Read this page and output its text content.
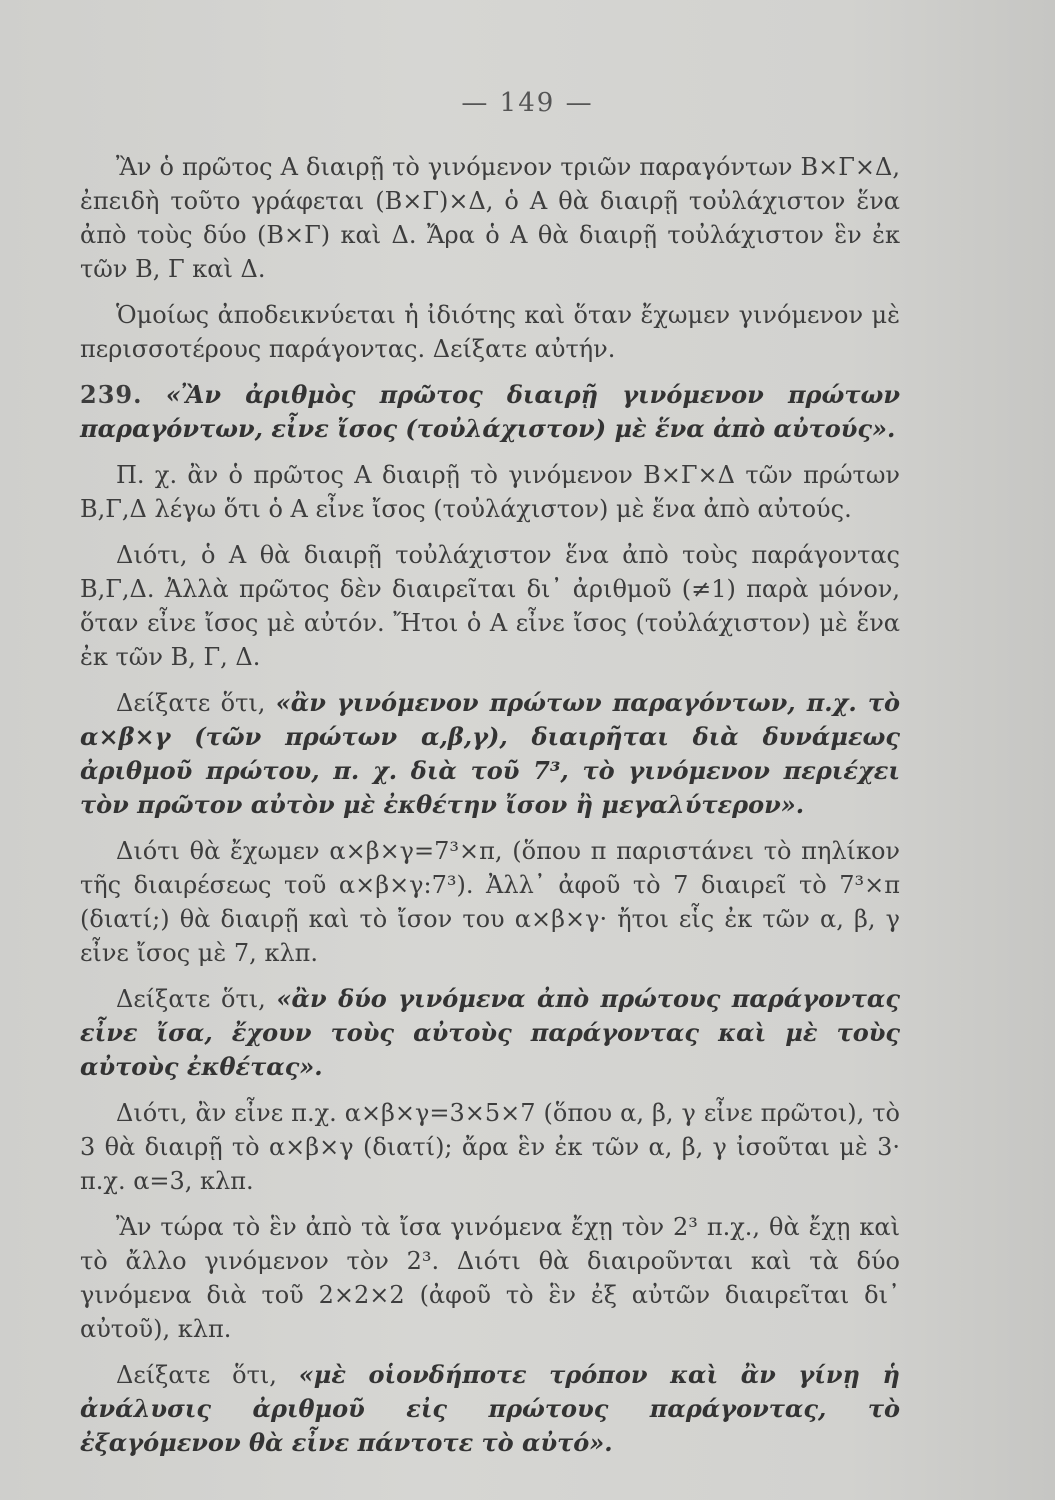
— 149 —

Ἂν ὁ πρῶτος Α διαιρῇ τὸ γινόμενον τριῶν παραγόντων Β×Γ×Δ, ἐπειδὴ τοῦτο γράφεται (Β×Γ)×Δ, ὁ Α θὰ διαιρῇ τοὐλάχιστον ἕνα ἀπὸ τοὺς δύο (Β×Γ) καὶ Δ. Ἄρα ὁ Α θὰ διαιρῇ τοὐλάχιστον ἓν ἐκ τῶν Β, Γ καὶ Δ.

Ὁμοίως ἀποδεικνύεται ἡ ἰδιότης καὶ ὅταν ἔχωμεν γινόμενον μὲ περισσοτέρους παράγοντας. Δείξατε αὐτήν.

239. «Ἂν ἀριθμὸς πρῶτος διαιρῇ γινόμενον πρώτων παραγόντων, εἶνε ἴσος (τοὐλάχιστον) μὲ ἕνα ἀπὸ αὐτούς».

Π. χ. ἂν ὁ πρῶτος Α διαιρῇ τὸ γινόμενον Β×Γ×Δ τῶν πρώτων Β,Γ,Δ λέγω ὅτι ὁ Α εἶνε ἴσος (τοὐλάχιστον) μὲ ἕνα ἀπὸ αὐτούς.

Διότι, ὁ Α θὰ διαιρῇ τοὐλάχιστον ἕνα ἀπὸ τοὺς παράγοντας Β,Γ,Δ. Ἀλλὰ πρῶτος δὲν διαιρεῖται δι᾿ ἀριθμοῦ (≠1) παρὰ μόνον, ὅταν εἶνε ἴσος μὲ αὐτόν. Ἤτοι ὁ Α εἶνε ἴσος (τοὐλάχιστον) μὲ ἕνα ἐκ τῶν Β, Γ, Δ.

Δείξατε ὅτι, «ἂν γινόμενον πρώτων παραγόντων, π.χ. τὸ α×β×γ (τῶν πρώτων α,β,γ), διαιρῆται διὰ δυνάμεως ἀριθμοῦ πρώτου, π. χ. διὰ τοῦ 7³, τὸ γινόμενον περιέχει τὸν πρῶτον αὐτὸν μὲ ἐκθέτην ἴσον ἢ μεγαλύτερον».

Διότι θὰ ἔχωμεν α×β×γ=7³×π, (ὅπου π παριστάνει τὸ πηλίκον τῆς διαιρέσεως τοῦ α×β×γ:7³). Ἀλλ᾿ ἀφοῦ τὸ 7 διαιρεῖ τὸ 7³×π (διατί;) θὰ διαιρῇ καὶ τὸ ἴσον του α×β×γ· ἤτοι εἷς ἐκ τῶν α, β, γ εἶνε ἴσος μὲ 7, κλπ.

Δείξατε ὅτι, «ἂν δύο γινόμενα ἀπὸ πρώτους παράγοντας εἶνε ἴσα, ἔχουν τοὺς αὐτοὺς παράγοντας καὶ μὲ τοὺς αὐτοὺς ἐκθέτας».

Διότι, ἂν εἶνε π.χ. α×β×γ=3×5×7 (ὅπου α, β, γ εἶνε πρῶτοι), τὸ 3 θὰ διαιρῇ τὸ α×β×γ (διατί); ἄρα ἓν ἐκ τῶν α, β, γ ἰσοῦται μὲ 3· π.χ. α=3, κλπ.

Ἂν τώρα τὸ ἓν ἀπὸ τὰ ἴσα γινόμενα ἔχῃ τὸν 2³ π.χ., θὰ ἔχῃ καὶ τὸ ἄλλο γινόμενον τὸν 2³. Διότι θὰ διαιροῦνται καὶ τὰ δύο γινόμενα διὰ τοῦ 2×2×2 (ἀφοῦ τὸ ἓν ἐξ αὐτῶν διαιρεῖται δι᾿ αὐτοῦ), κλπ.

Δείξατε ὅτι, «μὲ οἱονδήποτε τρόπον καὶ ἂν γίνῃ ἡ ἀνάλυσις ἀριθμοῦ εἰς πρώτους παράγοντας, τὸ ἐξαγόμενον θὰ εἶνε πάντοτε τὸ αὐτό».
